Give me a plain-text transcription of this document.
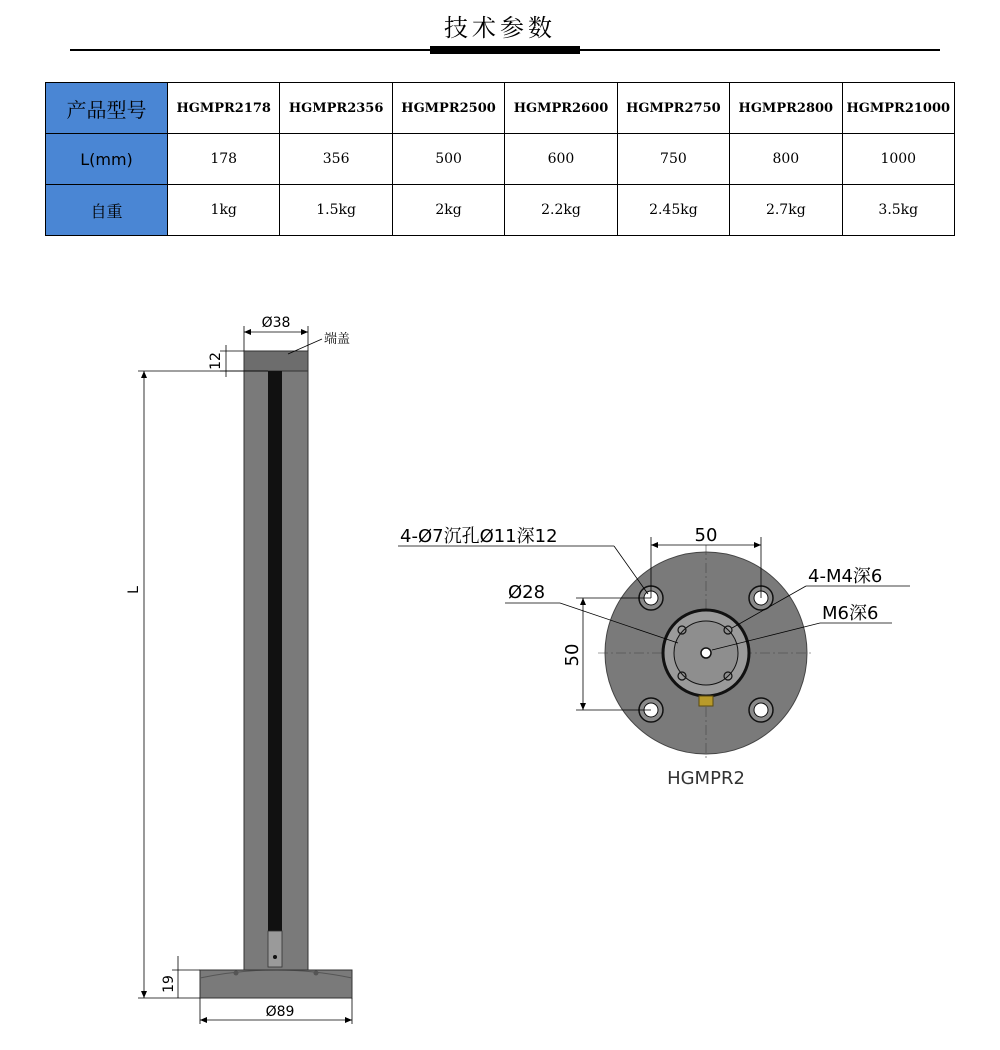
技术参数
产品型号	HGMPR2178	HGMPR2356	HGMPR2500	HGMPR2600	HGMPR2750	HGMPR2800	HGMPR21000
L(mm)	178	356	500	600	750	800	1000
自重	1kg	1.5kg	2kg	2.2kg	2.45kg	2.7kg	3.5kg
Ø38
端盖
12
L
19
Ø89
50
50
4-Ø7沉孔Ø11深12
Ø28
4-M4深6
M6深6
HGMPR2
